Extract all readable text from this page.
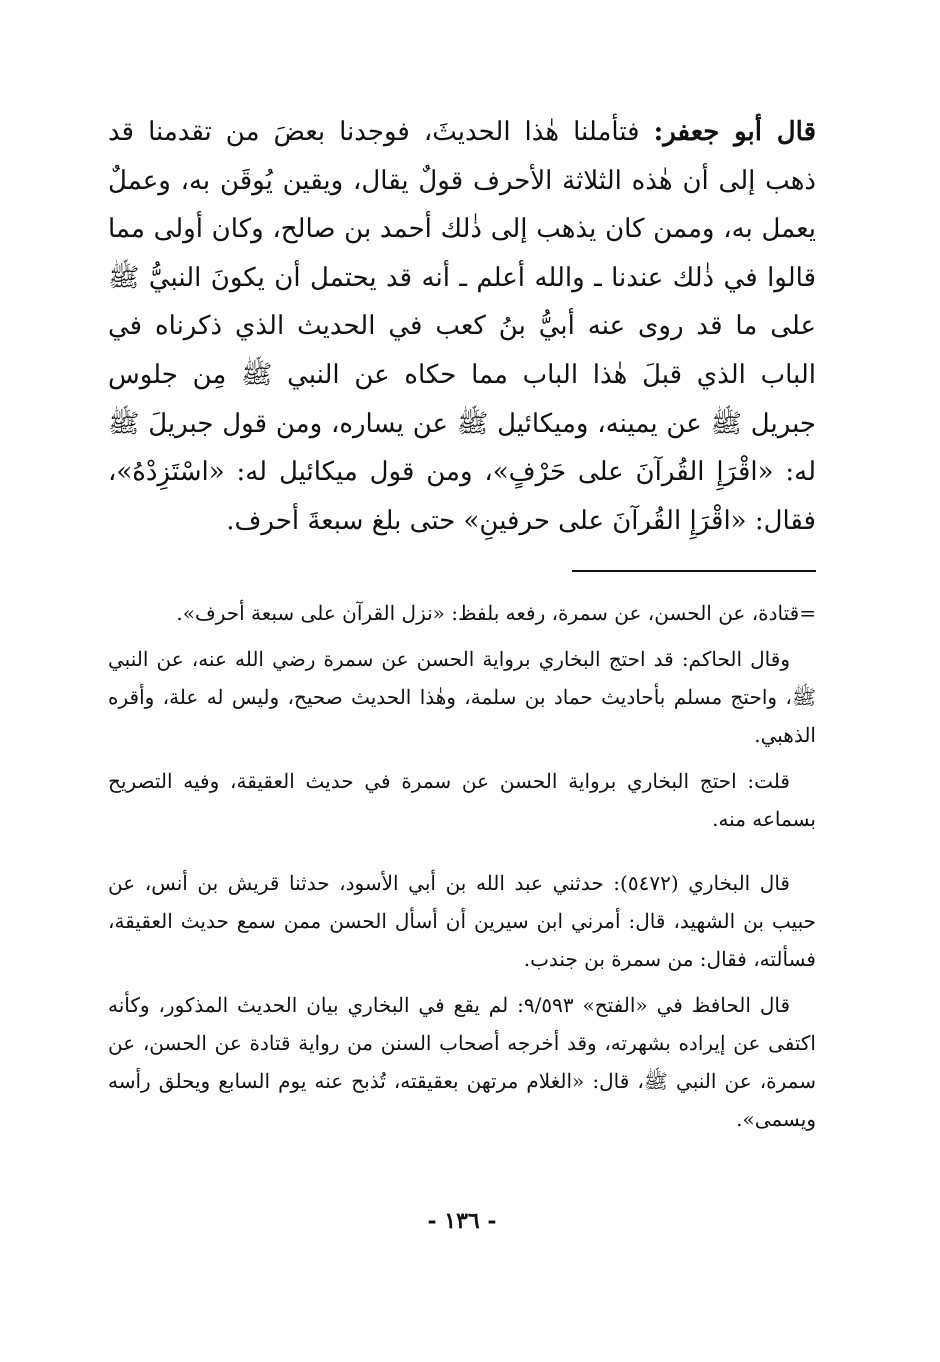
قال أبو جعفر: فتأملنا هٰذا الحديثَ، فوجدنا بعضَ من تقدمنا قد ذهب إلى أن هٰذه الثلاثة الأحرف قولٌ يقال، ويقين يُوقَن به، وعملٌ يعمل به، وممن كان يذهب إلى ذٰلك أحمد بن صالح، وكان أولى مما قالوا في ذٰلك عندنا ـ والله أعلم ـ أنه قد يحتمل أن يكونَ النبيُّ ﷺ على ما قد روى عنه أبيُّ بنُ كعب في الحديث الذي ذكرناه في الباب الذي قبلَ هٰذا الباب مما حكاه عن النبي ﷺ مِن جلوس جبريل ﷺ عن يمينه، وميكائيل ﷺ عن يساره، ومن قول جبريلَ ﷺ له: «اقْرَإِ القُرآنَ على حَرْفٍ»، ومن قول ميكائيل له: «اسْتَزِدْهُ»، فقال: «اقْرَإِ القُرآنَ على حرفينِ» حتى بلغ سبعةَ أحرف.

=قتادة، عن الحسن، عن سمرة، رفعه بلفظ: «نزل القرآن على سبعة أحرف».

وقال الحاكم: قد احتج البخاري برواية الحسن عن سمرة رضي الله عنه، عن النبي ﷺ، واحتج مسلم بأحاديث حماد بن سلمة، وهٰذا الحديث صحيح، وليس له علة، وأقره الذهبي.

قلت: احتج البخاري برواية الحسن عن سمرة في حديث العقيقة، وفيه التصريح بسماعه منه.

قال البخاري (٥٤٧٢): حدثني عبد الله بن أبي الأسود، حدثنا قريش بن أنس، عن حبيب بن الشهيد، قال: أمرني ابن سيرين أن أسأل الحسن ممن سمع حديث العقيقة، فسألته، فقال: من سمرة بن جندب.

قال الحافظ في «الفتح» ٩/٥٩٣: لم يقع في البخاري بيان الحديث المذكور، وكأنه اكتفى عن إيراده بشهرته، وقد أخرجه أصحاب السنن من رواية قتادة عن الحسن، عن سمرة، عن النبي ﷺ، قال: «الغلام مرتهن بعقيقته، تُذبح عنه يوم السابع ويحلق رأسه ويسمى».

- ١٣٦ -
